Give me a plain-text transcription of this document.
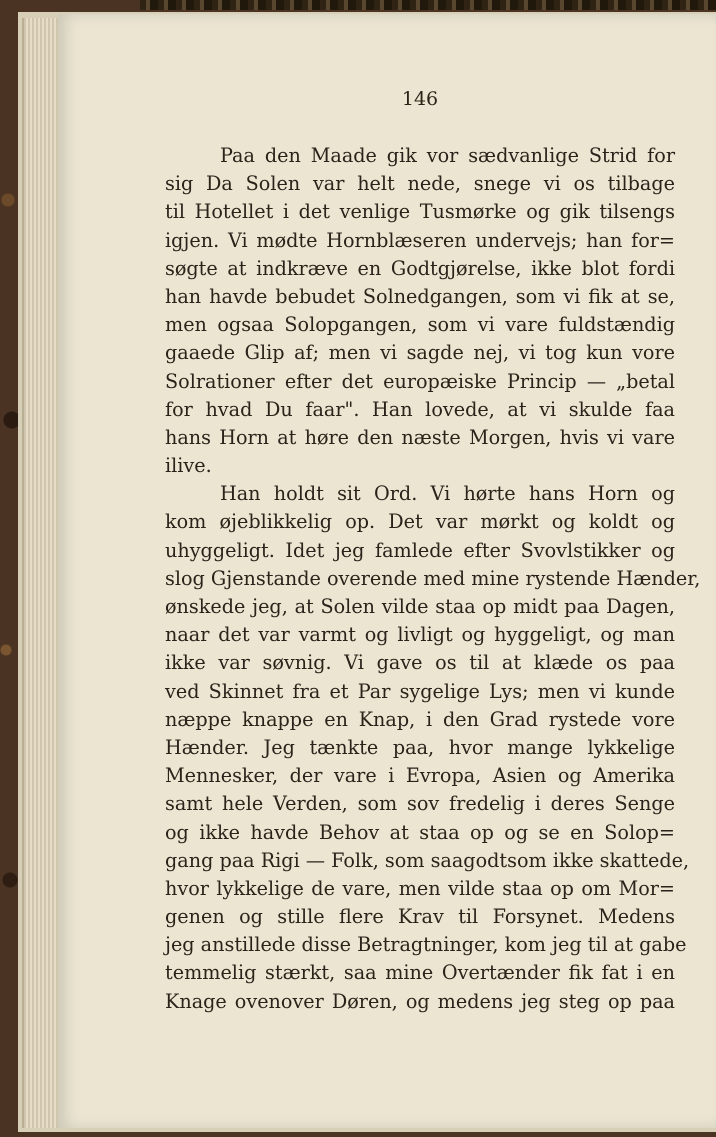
146
Paa den Maade gik vor sædvanlige Strid for
sig Da Solen var helt nede, snege vi os tilbage
til Hotellet i det venlige Tusmørke og gik tilsengs
igjen. Vi mødte Hornblæseren undervejs; han for=
søgte at indkræve en Godtgjørelse, ikke blot fordi
han havde bebudet Solnedgangen, som vi fik at se,
men ogsaa Solopgangen, som vi vare fuldstændig
gaaede Glip af; men vi sagde nej, vi tog kun vore
Solrationer efter det europæiske Princip — „betal
for hvad Du faar". Han lovede, at vi skulde faa
hans Horn at høre den næste Morgen, hvis vi vare
ilive.
Han holdt sit Ord. Vi hørte hans Horn og
kom øjeblikkelig op. Det var mørkt og koldt og
uhyggeligt. Idet jeg famlede efter Svovlstikker og
slog Gjenstande overende med mine rystende Hænder,
ønskede jeg, at Solen vilde staa op midt paa Dagen,
naar det var varmt og livligt og hyggeligt, og man
ikke var søvnig. Vi gave os til at klæde os paa
ved Skinnet fra et Par sygelige Lys; men vi kunde
næppe knappe en Knap, i den Grad rystede vore
Hænder. Jeg tænkte paa, hvor mange lykkelige
Mennesker, der vare i Evropa, Asien og Amerika
samt hele Verden, som sov fredelig i deres Senge
og ikke havde Behov at staa op og se en Solop=
gang paa Rigi — Folk, som saagodtsom ikke skattede,
hvor lykkelige de vare, men vilde staa op om Mor=
genen og stille flere Krav til Forsynet. Medens
jeg anstillede disse Betragtninger, kom jeg til at gabe
temmelig stærkt, saa mine Overtænder fik fat i en
Knage ovenover Døren, og medens jeg steg op paa
